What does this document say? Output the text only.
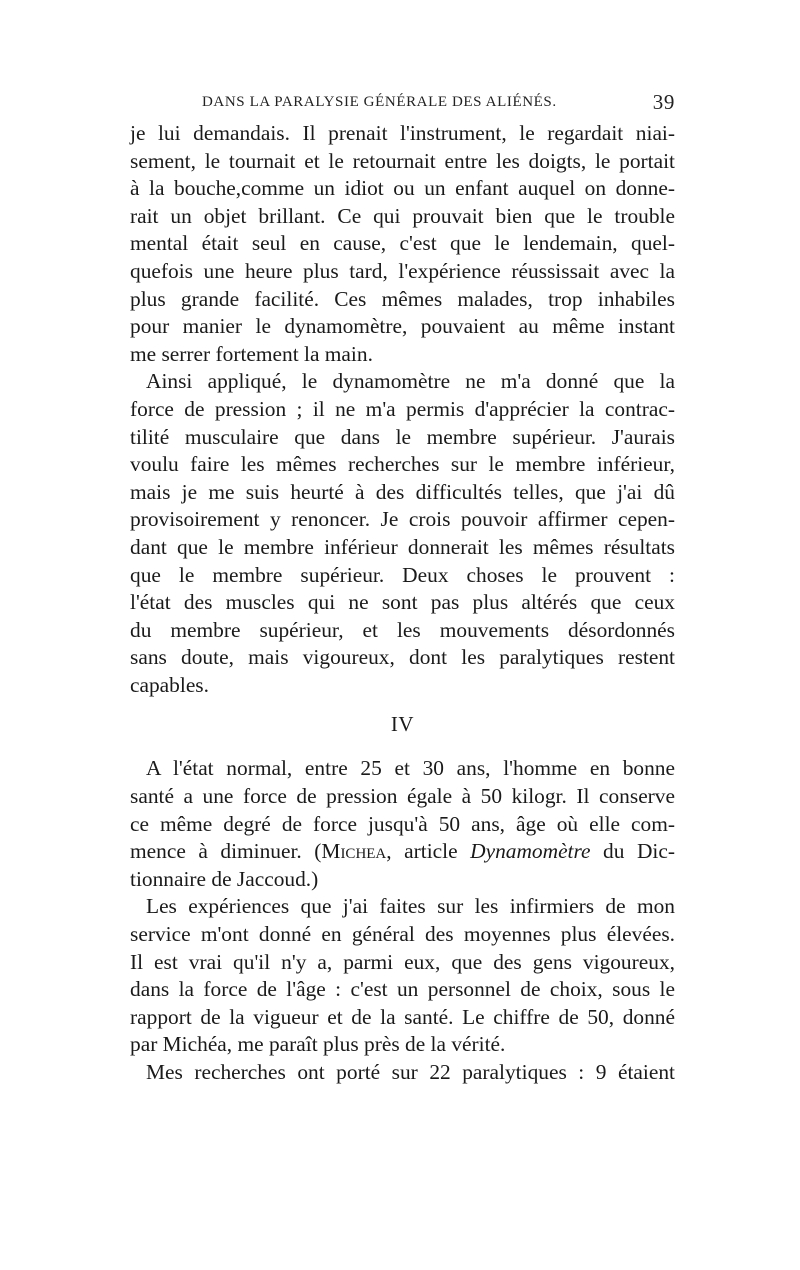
DANS LA PARALYSIE GÉNÉRALE DES ALIÉNÉS.	39
je lui demandais. Il prenait l'instrument, le regardait niai-
sement, le tournait et le retournait entre les doigts, le portait
à la bouche,comme un idiot ou un enfant auquel on donne-
rait un objet brillant. Ce qui prouvait bien que le trouble
mental était seul en cause, c'est que le lendemain, quel-
quefois une heure plus tard, l'expérience réussissait avec la
plus grande facilité. Ces mêmes malades, trop inhabiles
pour manier le dynamomètre, pouvaient au même instant
me serrer fortement la main.
Ainsi appliqué, le dynamomètre ne m'a donné que la
force de pression ; il ne m'a permis d'apprécier la contrac-
tilité musculaire que dans le membre supérieur. J'aurais
voulu faire les mêmes recherches sur le membre inférieur,
mais je me suis heurté à des difficultés telles, que j'ai dû
provisoirement y renoncer. Je crois pouvoir affirmer cepen-
dant que le membre inférieur donnerait les mêmes résultats
que le membre supérieur. Deux choses le prouvent :
l'état des muscles qui ne sont pas plus altérés que ceux
du membre supérieur, et les mouvements désordonnés
sans doute, mais vigoureux, dont les paralytiques restent
capables.
IV
A l'état normal, entre 25 et 30 ans, l'homme en bonne
santé a une force de pression égale à 50 kilogr. Il conserve
ce même degré de force jusqu'à 50 ans, âge où elle com-
mence à diminuer. (Michea, article Dynamomètre du Dic-
tionnaire de Jaccoud.)
Les expériences que j'ai faites sur les infirmiers de mon
service m'ont donné en général des moyennes plus élevées.
Il est vrai qu'il n'y a, parmi eux, que des gens vigoureux,
dans la force de l'âge : c'est un personnel de choix, sous le
rapport de la vigueur et de la santé. Le chiffre de 50, donné
par Michéa, me paraît plus près de la vérité.
Mes recherches ont porté sur 22 paralytiques : 9 étaient
